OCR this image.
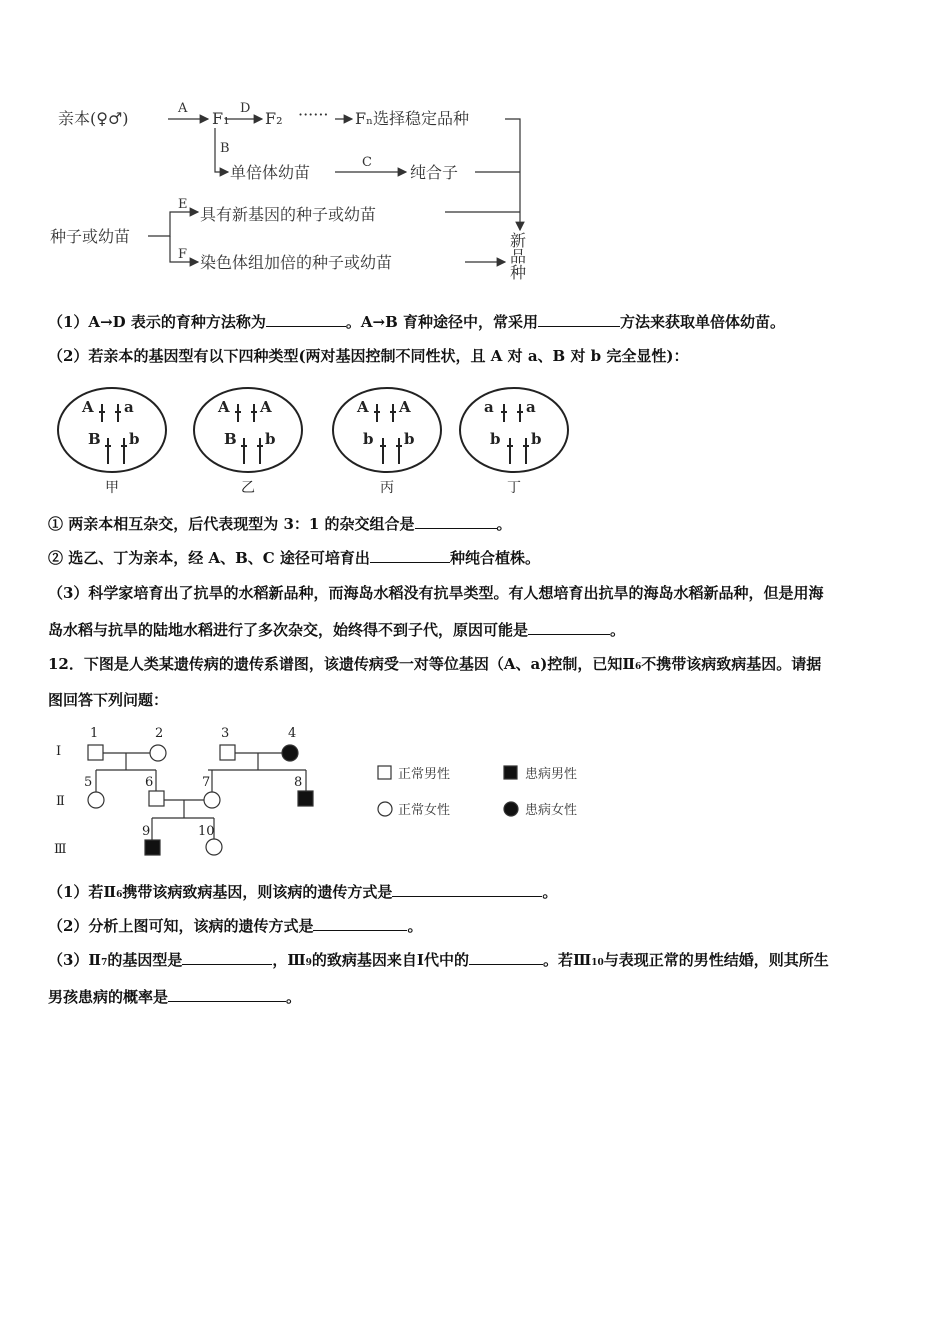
亲本(♀♂)
A
F₁
D
F₂ ······ Fₙ选择稳定品种
B
单倍体幼苗
C
纯合子
种子或幼苗
E
具有新基因的种子或幼苗
F 染色体组加倍的种子或幼苗
新
品
种
（1）A→D 表示的育种方法称为	。A→B 育种途径中，常采用	方法来获取单倍体幼苗。
（2）若亲本的基因型有以下四种类型(两对基因控制不同性状，且 A 对 a、B 对 b 完全显性)：
A a
B b
甲
A A
B b
乙
A A
b b
丙
a a
b b
丁
① 两亲本相互杂交，后代表现型为 3：1 的杂交组合是	。
② 选乙、丁为亲本，经 A、B、C 途径可培育出	种纯合植株。
（3）科学家培育出了抗旱的水稻新品种，而海岛水稻没有抗旱类型。有人想培育出抗旱的海岛水稻新品种，但是用海
岛水稻与抗旱的陆地水稻进行了多次杂交，始终得不到子代，原因可能是	。
12．下图是人类某遗传病的遗传系谱图，该遗传病受一对等位基因（A、a)控制，已知Ⅱ6不携带该病致病基因。请据
图回答下列问题：
Ⅰ
Ⅱ
Ⅲ
1	2	3	4
5	6	7	8
9	10
正常男性	患病男性
正常女性	患病女性
（1）若Ⅱ6携带该病致病基因，则该病的遗传方式是	。
（2）分析上图可知，该病的遗传方式是	。
（3）Ⅱ7的基因型是	，Ⅲ9的致病基因来自Ⅰ代中的	。若Ⅲ10与表现正常的男性结婚，则其所生
男孩患病的概率是	。
